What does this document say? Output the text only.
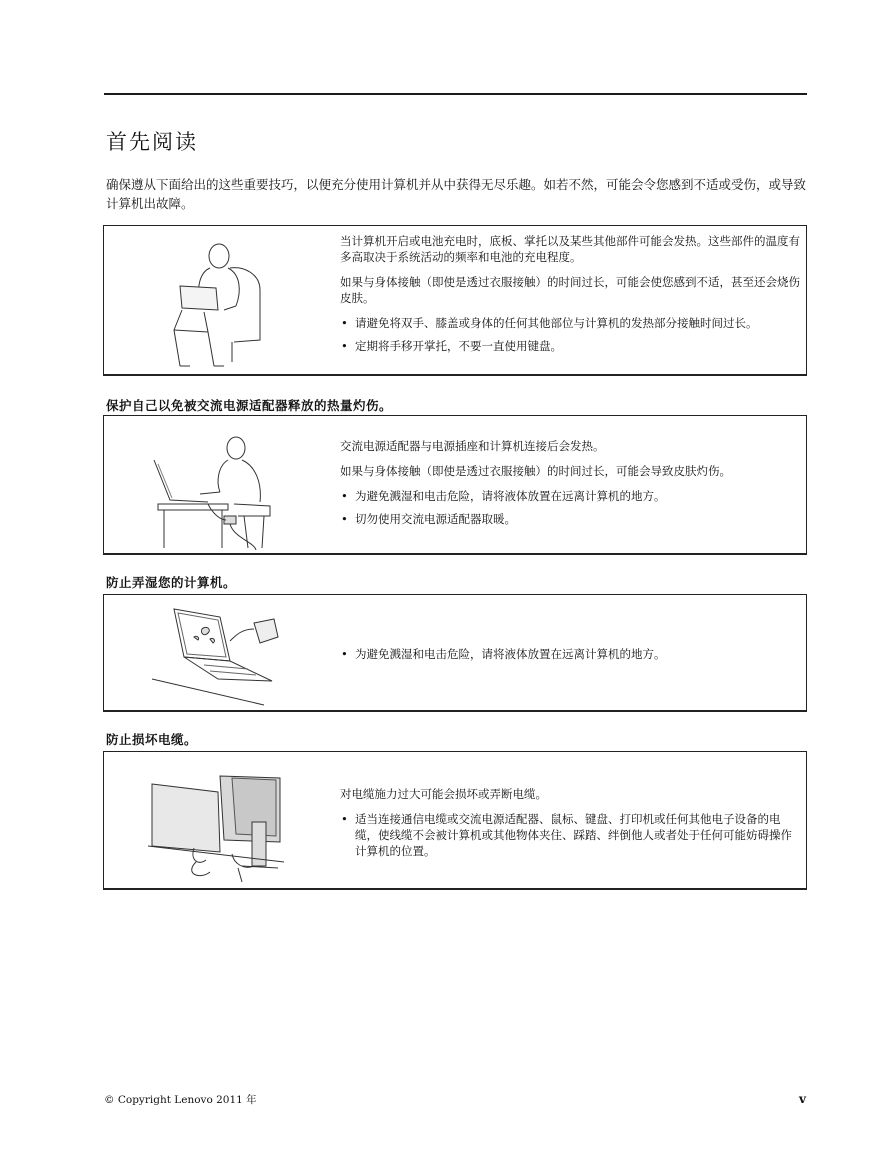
首先阅读

确保遵从下面给出的这些重要技巧，以便充分使用计算机并从中获得无尽乐趣。如若不然，可能会令您感到不适或受伤，或导致计算机出故障。

当计算机开启或电池充电时，底板、掌托以及某些其他部件可能会发热。这些部件的温度有多高取决于系统活动的频率和电池的充电程度。

如果与身体接触（即使是透过衣服接触）的时间过长，可能会使您感到不适，甚至还会烧伤皮肤。

• 请避免将双手、膝盖或身体的任何其他部位与计算机的发热部分接触时间过长。
• 定期将手移开掌托，不要一直使用键盘。
保护自己以免被交流电源适配器释放的热量灼伤。

交流电源适配器与电源插座和计算机连接后会发热。

如果与身体接触（即使是透过衣服接触）的时间过长，可能会导致皮肤灼伤。

• 为避免溅湿和电击危险，请将液体放置在远离计算机的地方。
• 切勿使用交流电源适配器取暖。
防止弄湿您的计算机。
• 为避免溅湿和电击危险，请将液体放置在远离计算机的地方。
防止损坏电缆。

对电缆施力过大可能会损坏或弄断电缆。

• 适当连接通信电缆或交流电源适配器、鼠标、键盘、打印机或任何其他电子设备的电缆，使线缆不会被计算机或其他物体夹住、踩踏、绊倒他人或者处于任何可能妨碍操作计算机的位置。
© Copyright Lenovo 2011 年	v
